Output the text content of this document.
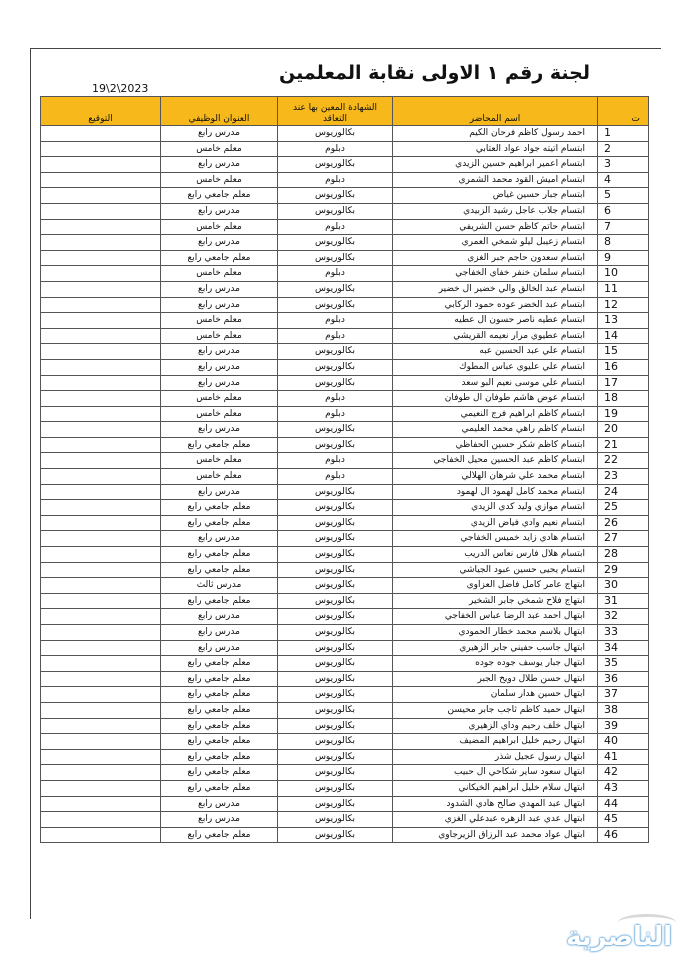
لجنة رقم ١ الاولى نقابة المعلمين
19\2\2023
ت	اسم المحاضر	الشهادة المعين بها عند التعاقد	العنوان الوظيفي	التوقيع
1	احمد رسول كاظم فرحان الكيم	بكالوريوس	مدرس رابع	
2	ابتسام اتيته جواد عواد العتابي	دبلوم	معلم خامس	
3	ابتسام اعمير ابراهيم حسين الزيدي	بكالوريوس	مدرس رابع	
4	ابتسام امیش القود محمد الشمري	دبلوم	معلم خامس	
5	ابتسام جبار حسين غياض	بكالوريوس	معلم جامعي رابع	
6	ابتسام جلاب عاجل رشيد الزبيدي	بكالوريوس	مدرس رابع	
7	ابتسام حاتم كاظم حسن الشريفي	دبلوم	معلم خامس	
8	ابتسام زعيبل ليلو شمخي العمري	بكالوريوس	مدرس رابع	
9	ابتسام سعدون حاجم جبر الغزي	بكالوريوس	معلم جامعي رابع	
10	ابتسام سلمان خنفر خفاي الخفاجي	دبلوم	معلم خامس	
11	ابتسام عبد الخالق والي خضير ال خضير	بكالوريوس	مدرس رابع	
12	ابتسام عبد الخضر عوده حمود الركابي	بكالوريوس	مدرس رابع	
13	ابتسام عطيه ناصر حسون ال عطيه	دبلوم	معلم خامس	
14	ابتسام عطيوي مرار نعيمه القريشي	دبلوم	معلم خامس	
15	ابتسام علي عبد الحسين عبه	بكالوريوس	مدرس رابع	
16	ابتسام علي عليوي عباس المطوك	بكالوريوس	مدرس رابع	
17	ابتسام علي موسى نعيم البو سعد	بكالوريوس	مدرس رابع	
18	ابتسام عوض هاشم طوفان ال طوفان	دبلوم	معلم خامس	
19	ابتسام كاظم ابراهيم فرج النعيمي	دبلوم	معلم خامس	
20	ابتسام كاظم راهي محمد العليمي	بكالوريوس	مدرس رابع	
21	ابتسام كاظم شكر حسين الحفاظي	بكالوريوس	معلم جامعي رابع	
22	ابتسام كاظم عبد الحسين محيل الخفاجي	دبلوم	معلم خامس	
23	ابتسام محمد علي شرهان الهلالي	دبلوم	معلم خامس	
24	ابتسام محمد كامل لهمود ال لهمود	بكالوريوس	مدرس رابع	
25	ابتسام موازي وليد كدي الزيدي	بكالوريوس	معلم جامعي رابع	
26	ابتسام نعيم وادي فياض الزيدي	بكالوريوس	معلم جامعي رابع	
27	ابتسام هادي زايد خميس الخفاجي	بكالوريوس	مدرس رابع	
28	ابتسام هلال فارس نعاس الدريب	بكالوريوس	معلم جامعي رابع	
29	ابتسام يحيى حسين عبود الجياشي	بكالوريوس	معلم جامعي رابع	
30	ابتهاج عامر كامل فاضل العزاوي	بكالوريوس	مدرس ثالث	
31	ابتهاج فلاح شمخي جابر الشخير	بكالوريوس	معلم جامعي رابع	
32	ابتهال احمد عبد الرضا عباس الخفاجي	بكالوريوس	مدرس رابع	
33	ابتهال بلاسم محمد خطار الحمودي	بكالوريوس	مدرس رابع	
34	ابتهال جاسب حفيني جابر الزهيري	بكالوريوس	مدرس رابع	
35	ابتهال جبار يوسف جوده جوده	بكالوريوس	معلم جامعي رابع	
36	ابتهال حسن طلال دويخ الجبر	بكالوريوس	معلم جامعي رابع	
37	ابتهال حسين هدار سلمان	بكالوريوس	معلم جامعي رابع	
38	ابتهال حميد كاظم ثاجب جابر محيسن	بكالوريوس	معلم جامعي رابع	
39	ابتهال خلف رحيم وداي الزهيري	بكالوريوس	معلم جامعي رابع	
40	ابتهال رحيم خليل ابراهيم المضيف	بكالوريوس	معلم جامعي رابع	
41	ابتهال رسول عجيل شذر	بكالوريوس	معلم جامعي رابع	
42	ابتهال سعود ساير شكاحي ال حبيب	بكالوريوس	معلم جامعي رابع	
43	ابتهال سلام خليل ابراهيم الخيكاني	بكالوريوس	معلم جامعي رابع	
44	ابتهال عبد المهدي صالح هادي الشدود	بكالوريوس	مدرس رابع	
45	ابتهال عدي عبد الزهره عبدعلي الغزي	بكالوريوس	مدرس رابع	
46	ابتهال عواد محمد عبد الرزاق الزيرجاوي	بكالوريوس	معلم جامعي رابع	
الناصرية
